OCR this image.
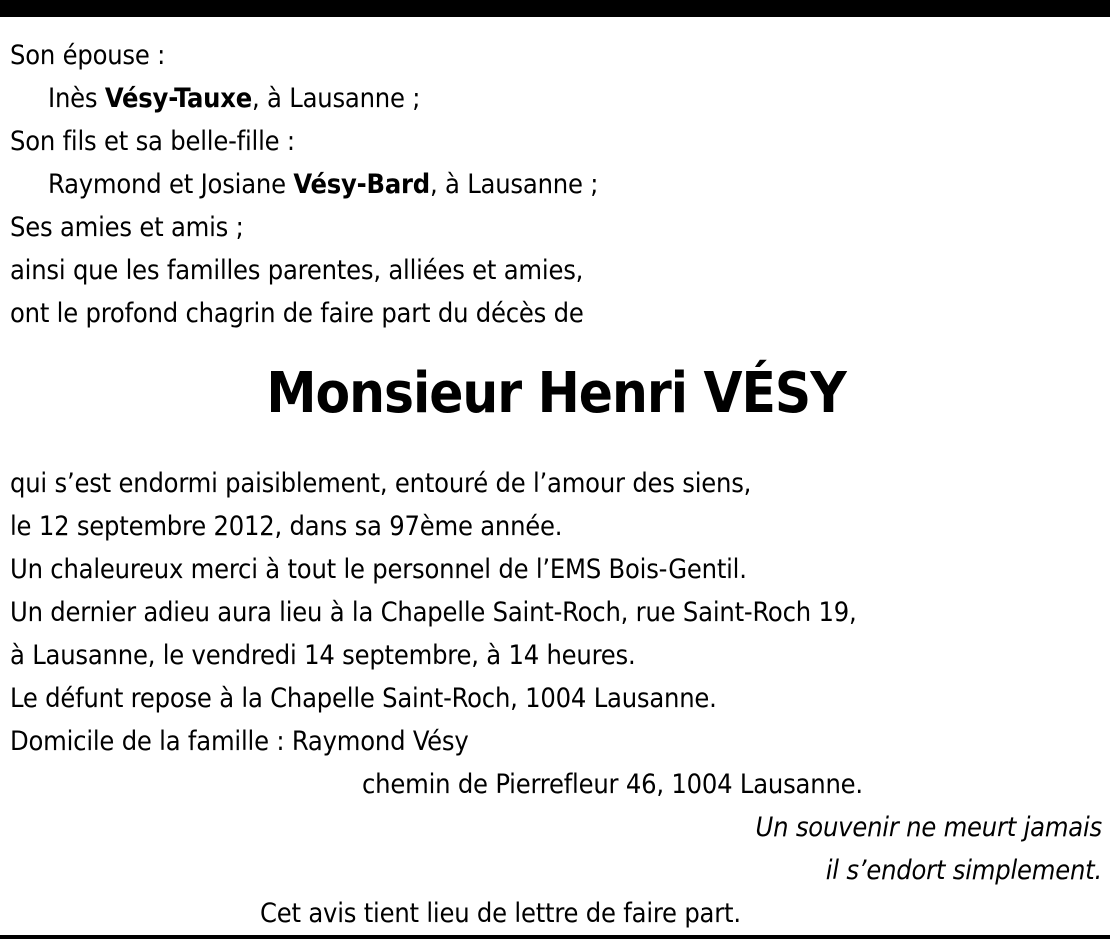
Son épouse :
Inès Vésy-Tauxe, à Lausanne ;
Son fils et sa belle-fille :
Raymond et Josiane Vésy-Bard, à Lausanne ;
Ses amies et amis ;
ainsi que les familles parentes, alliées et amies,
ont le profond chagrin de faire part du décès de
Monsieur Henri VÉSY
qui s’est endormi paisiblement, entouré de l’amour des siens,
le 12 septembre 2012, dans sa 97ème année.
Un chaleureux merci à tout le personnel de l’EMS Bois-Gentil.
Un dernier adieu aura lieu à la Chapelle Saint-Roch, rue Saint-Roch 19,
à Lausanne, le vendredi 14 septembre, à 14 heures.
Le défunt repose à la Chapelle Saint-Roch, 1004 Lausanne.
Domicile de la famille : Raymond Vésy
chemin de Pierrefleur 46, 1004 Lausanne.
Un souvenir ne meurt jamais
il s’endort simplement.
Cet avis tient lieu de lettre de faire part.
